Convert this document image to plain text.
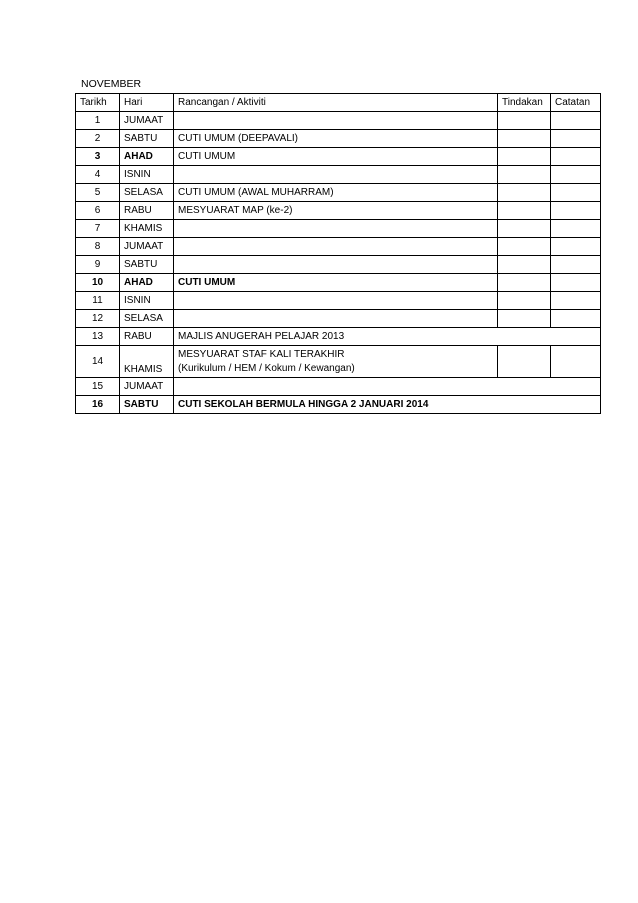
NOVEMBER
Tarikh	Hari	Rancangan / Aktiviti	Tindakan	Catatan
1	JUMAAT			
2	SABTU	CUTI UMUM (DEEPAVALI)		
3	AHAD	CUTI UMUM		
4	ISNIN			
5	SELASA	CUTI UMUM (AWAL MUHARRAM)		
6	RABU	MESYUARAT MAP (ke-2)		
7	KHAMIS			
8	JUMAAT			
9	SABTU			
10	AHAD	CUTI UMUM		
11	ISNIN			
12	SELASA			
13	RABU	MAJLIS ANUGERAH PELAJAR 2013		
14	KHAMIS	MESYUARAT STAF KALI TERAKHIR
(Kurikulum / HEM / Kokum / Kewangan)		

15	JUMAAT			
16	SABTU	CUTI SEKOLAH BERMULA HINGGA 2 JANUARI 2014		
